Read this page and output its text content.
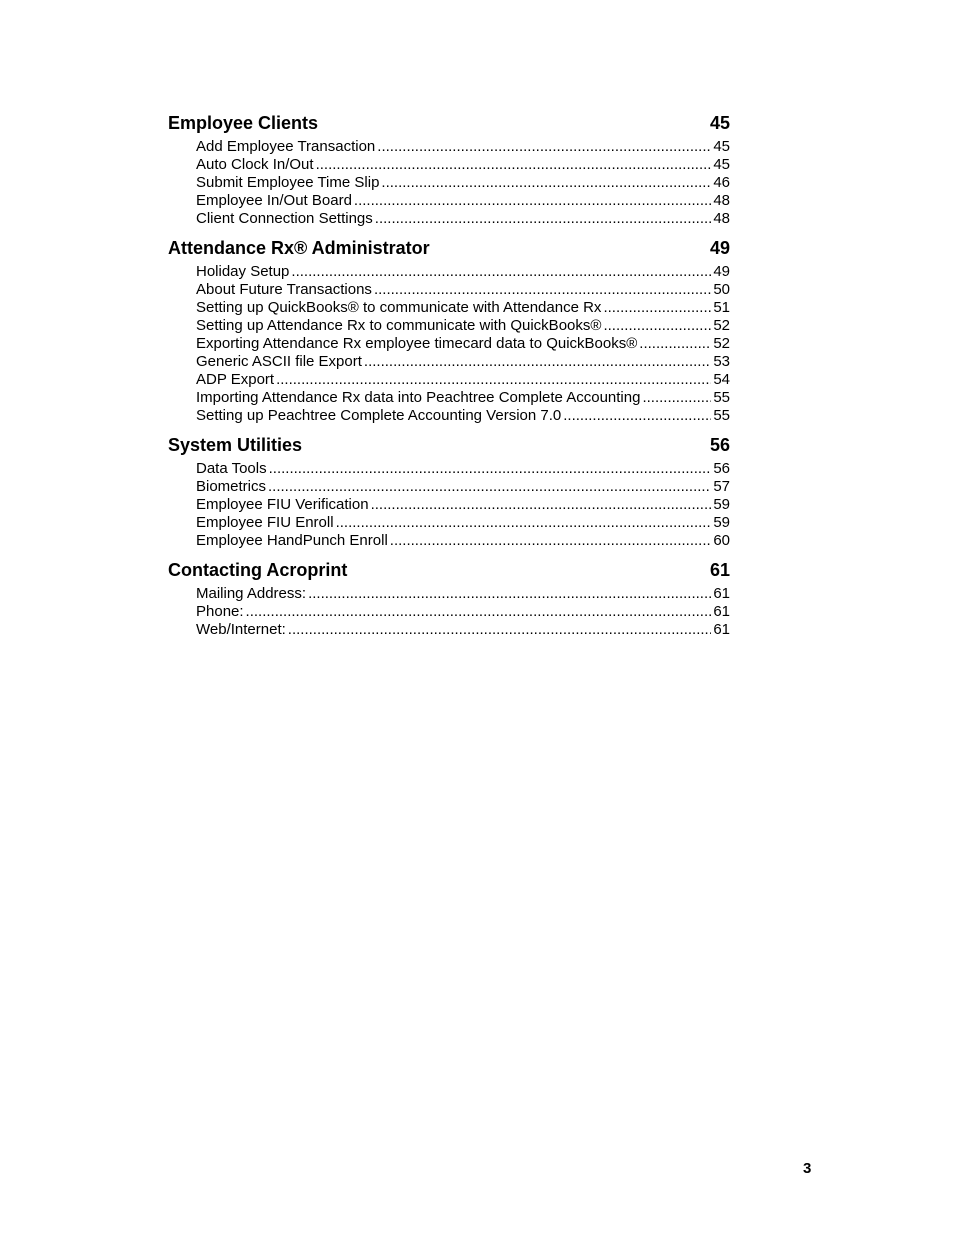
Employee Clients	45
Add Employee Transaction .....	45
Auto Clock In/Out .....	45
Submit Employee Time Slip .....	46
Employee In/Out Board .....	48
Client Connection Settings .....	48
Attendance Rx® Administrator	49
Holiday Setup .....	49
About Future Transactions .....	50
Setting up QuickBooks® to communicate with Attendance Rx .....	51
Setting up Attendance Rx to communicate with QuickBooks® .....	52
Exporting Attendance Rx employee timecard data to QuickBooks® .....	52
Generic ASCII file Export .....	53
ADP Export .....	54
Importing Attendance Rx data into Peachtree Complete Accounting .....	55
Setting up Peachtree Complete Accounting Version 7.0 .....	55
System Utilities	56
Data Tools .....	56
Biometrics .....	57
Employee FIU Verification .....	59
Employee FIU Enroll .....	59
Employee HandPunch Enroll .....	60
Contacting Acroprint	61
Mailing Address: .....	61
Phone: .....	61
Web/Internet: .....	61
3
